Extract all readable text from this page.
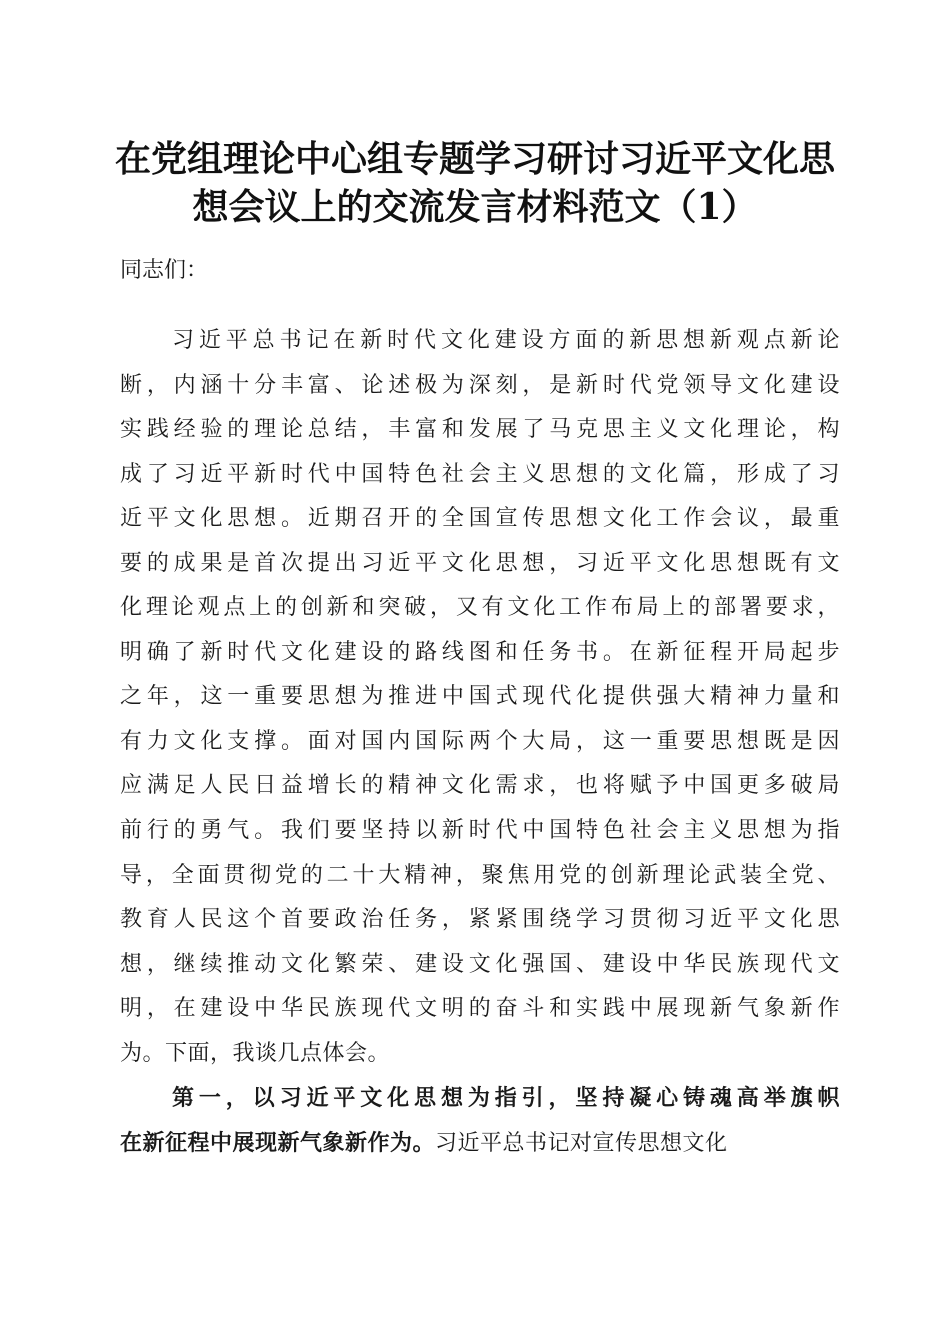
在党组理论中心组专题学习研讨习近平文化思
想会议上的交流发言材料范文（1）
同志们：
习近平总书记在新时代文化建设方面的新思想新观点新论
断，内涵十分丰富、论述极为深刻，是新时代党领导文化建设
实践经验的理论总结，丰富和发展了马克思主义文化理论，构
成了习近平新时代中国特色社会主义思想的文化篇，形成了习
近平文化思想。近期召开的全国宣传思想文化工作会议，最重
要的成果是首次提出习近平文化思想，习近平文化思想既有文
化理论观点上的创新和突破，又有文化工作布局上的部署要求，
明确了新时代文化建设的路线图和任务书。在新征程开局起步
之年，这一重要思想为推进中国式现代化提供强大精神力量和
有力文化支撑。面对国内国际两个大局，这一重要思想既是因
应满足人民日益增长的精神文化需求，也将赋予中国更多破局
前行的勇气。我们要坚持以新时代中国特色社会主义思想为指
导，全面贯彻党的二十大精神，聚焦用党的创新理论武装全党、
教育人民这个首要政治任务，紧紧围绕学习贯彻习近平文化思
想，继续推动文化繁荣、建设文化强国、建设中华民族现代文
明，在建设中华民族现代文明的奋斗和实践中展现新气象新作
为。下面，我谈几点体会。
第一，以习近平文化思想为指引，坚持凝心铸魂高举旗帜
在新征程中展现新气象新作为。习近平总书记对宣传思想文化
